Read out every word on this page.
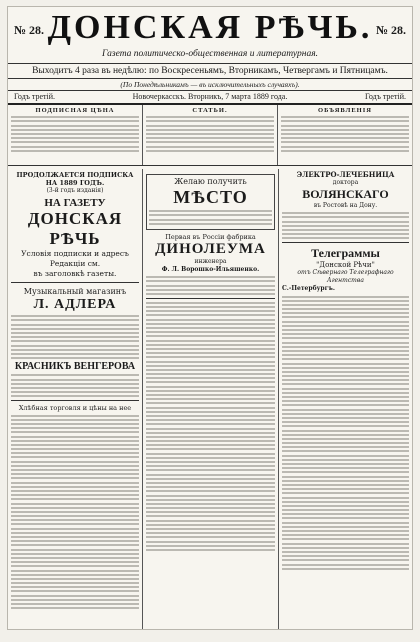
№ 28. ДОНСКАЯ РѢЧЬ. № 28.
Газета политическо-общественная и литературная.
Выходитъ 4 раза въ недѣлю: по Воскресеньямъ, Вторникамъ, Четвергамъ и Пятницамъ.
(По Понедѣльникамъ — въ исключительныхъ случаяхъ).
Годъ третій.	Новочеркасскъ. Вторникъ, 7 марта 1889 года.	Годъ третій.
ПОДПИСНАЯ ЦѢНА	СТАТЬИ.	ОБЪЯВЛЕНІЯ
ПРОДОЛЖАЕТСЯ ПОДПИСКА НА 1889 ГОДЪ.
(3-й годъ изданія)
НА ГАЗЕТУ
ДОНСКАЯ РѢЧЬ
Условія подписки и адресъ Редакціи см.
въ заголовкѣ газеты.
Музыкальный магазинъ
Л. АДЛЕРА
КРАСНИКЪ ВЕНГЕРОВА
Хлѣбная торговля и цѣны на нее
Желаю получить
МѢСТО
Первая въ Россіи фабрика
ДИНОЛЕУМА
инженера
Ф. Л. Ворошко-Ильяшенко.
ЭЛЕКТРО-ЛЕЧЕБНИЦА
доктора
ВОЛЯНСКАГО
въ Ростовѣ на Дону.
Телеграммы
"Донской Рѣчи"
отъ Сѣвернаго Телеграфнаго Агентства
С.-Петербургъ.
